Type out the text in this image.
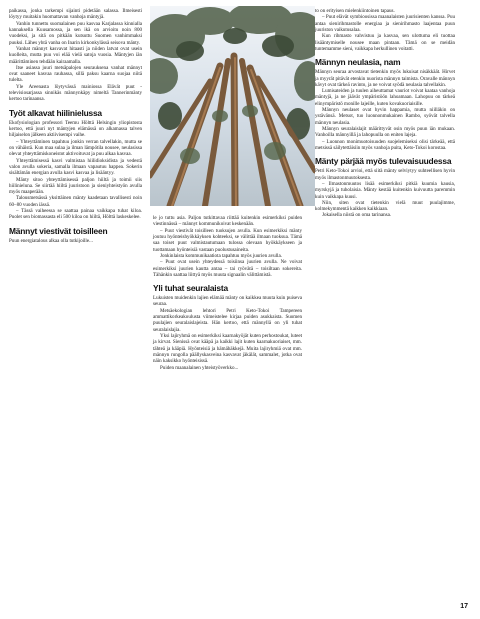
paikassa, jonka tarkempi sijainti pidetään salassa. Ilmeisesti löytyy muitakin huomattavan vanhoja mäntyjä.

Vanhin tunnettu suomalainen puu kasvaa Karjalassa kinnialla kannaksella Kuusamossa, ja sen ikä on arvioitu noin 800 vuodeksi, ja sitä on pitkään kutsuttu Suomen vanhimmaksi puuksi. Lähes yhtä vanha on Inarin kirkonkylässä seisova mänty.

Vanhat männyt kasvavat hitaasti ja niiden latvat ovat usein kuolleita, mutta puu voi elää vielä satoja vuosia. Mäntyjen iän määrittäminen tehdään kairaamalla.

Itse asiassa juuri metsäpalojen seurauksena vanhat männyt ovat saaneet kasvaa rauhassa, sillä paksu kaarna suojaa niitä tulelta.

Yle Areenasta löytyvässä mainiossa Elävät puut -televisiosarjassa sinnikäs männynkäpy nimeltä Tannerinmänty kertoo tarinaansa.

Työt alkavat hiilinielussa

Ekofysiologian professori Teemu Hölttä Helsingin yliopistosta kertoo, että juuri nyt mäntyjen elämässä on alkamassa talven hiljaiselon jälkeen aktiivisempi vaihe.

– Yhteyttäminen tapahtuu jonkin verran talvellakin, mutta se on vähäistä. Kun maa sulaa ja ilman lämpötila nousee, neulasissa olevat yhteyttämiskoneistot aktivoituvat ja puu alkaa kasvaa.

Yhteyttämisessä kasvi valmistaa hiilidioksidista ja vedestä valon avulla sokeria, samalla ilmaan vapautuu happea. Sokerin sisältämän energian avulla kasvi kasvaa ja lisääntyy.

Mänty sitoo yhteyttämisessä paljon hiiltä ja toimii siis hiilinieluna. Se siirtää hiiltä juuristoon ja sieniyhteistyön avulla myös maaperään.

Talousmetsässä yksittäinen mänty kaadetaan tavallisesti noin 60–80 vuoden iässä.

– Tässä vaiheessa se saattaa painaa vaikkapa tuhat kiloa. Puolet sen biomassasta eli 500 kiloa on hiiltä, Hölttä laskeskelee.

Männyt viestivät toisilleen

Puun energiatalous alkaa olla tutkijoille...

le jo tuttu asia. Paljon tutkittavaa riittää kuitenkin esimerkiksi puiden viestinnässä – männyt kommunikoivat keskenään.

– Puut viestivät toisilleen tuoksujen avulla. Kun esimerkiksi mänty joutuu hyönteishyökkäyksen kohteeksi, se välittää ilmaan tuoksua. Tämä saa toiset puut valmistautumaan tulossa olevaan hyökkäykseen ja tuottamaan hyönteisiä vastaan puolustusaineita.

Jonkinlaista kommunikaatiota tapahtuu myös juurien avulla.

– Puut ovat usein yhteydessä toisiinsa juurien avulla. Ne voivat esimerkiksi juurien kautta antaa – tai ryövätä – toisiltaan sokereita. Tähänkin saattaa liittyä myös muuta signaalin välittämistä.

Yli tuhat seuralaista

Lukuisten muidenkin lajien elämää mänty on kaikkea muuta kuin puiseva seuraa.

Metsäekologian lehtori Petri Keto-Tokoi Tampereen ammattikorkeakoulusta viimeistelee kirjaa puiden asukkaista. Suomen puulajien seuralaislajeista. Hän kertoo, että männyllä on yli tuhat seuralaislajia.

Yksi lajiryhmä on esimerkiksi kaarnakyöjät kuten perhostoukat, luteet ja kirvat. Sienissä ovat kääpä ja kaikki lajit kuten kaarnakuoriaiset, mm. tähteä ja kääpiä. Hyönteisiä ja hämähäkkejä. Muita lajiryhmiä ovat mm. männyn rungolla päällyskasveina kasvavat jäkälät, sammalet, jotka ovat näin kaksikko hyönteisissä.

Puiden maanalainen yhteistyöverkko...

to on erityisen mielenkiintoinen tapaus.

– Puut elävät symbioosissa maanalaisten juurisienten kanssa. Puu antaa sienirihmastolle energiaa ja sienirihmasto laajentaa puun juuriston vaikutusalaa.

Kun rihmasto vahvistuu ja kasvaa, sen ulottuma eli tuottaa lisääntymiselle nousee maan pintaan. Tämä on se meidän tuntemamme sieni, vaikkapa herkullinen voitatti.

Männyn neulasia, nam

Männyn seuraa arvostavat tietenkin myös lukuisat nisäkkäät. Hirvet ja myyrät pitävät etenkin nuorista männyn taimista. Oravalle männyn kävyt ovat tärkeä ravinto, ja ne voivat syödä neulasia talvellakin.

Lumisateiden ja tuulen aiheuttamat vauriot voivat kaataa vanhoja mäntyjä, ja ne jäävät ympäristöön lahoamaan. Lahopuu on tärkeä elinympäristö monille lajeille, kuten kovakuoriaisille.

Männyn neulaset ovat hyvin happamia, mutta niilläkin on ystävänsä. Metsot, tuo luonnonmukainen Rambo, syövät talvella männyn neulasia.

Männyn seuralaislajit määrittyvät osin myös puun iän mukaan. Vanhoilla männyillä ja lahopuulla on eniten lajeja.

– Luonnon monimuotoisuuden suojelemiseksi olisi tärkeää, että metsissä säilytettäisiin myös vanhoja puita, Keto-Tokoi korostaa.

Mänty pärjää myös tulevaisuudessa

Petri Keto-Tokoi arvioi, että siitä mänty selviytyy suhteellisen hyvin myös ilmastonmuutoksesta.

– Ilmastonmuutos lisää esimerkiksi pitkiä kuumia kausia, myrskyjä ja tuholaisia. Mänty kestää kuitenkin kuivuutta paremmin kuin vaikkapa kuusi.

Niin, siten ovat tietenkin vielä muut puulajimme, kolmekymmentä kaikken kaikkiaan.

Jokaisella niistä on oma tarinansa.

17
